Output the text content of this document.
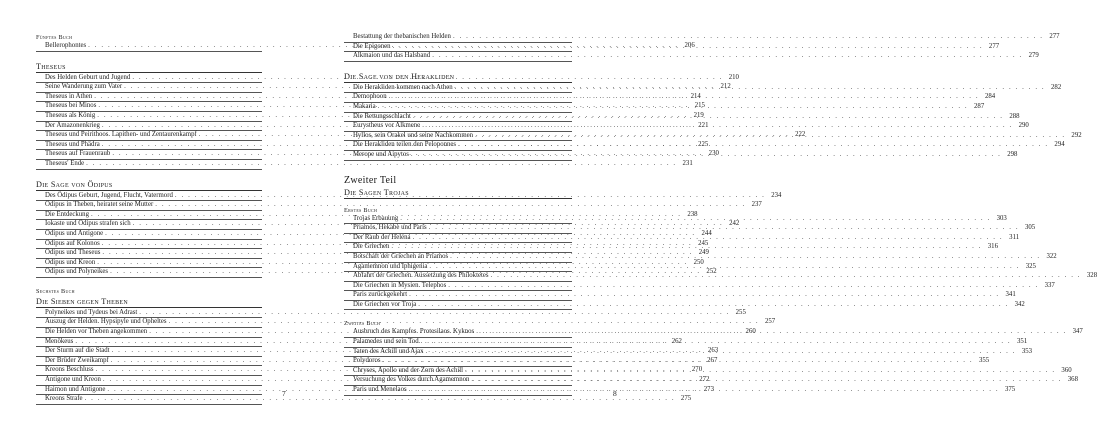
Fünftes Buch
Bellerophontes . . .	206
Theseus
Des Helden Geburt und Jugend . . .	210
Seine Wanderung zum Vater . . .	212
Theseus in Athen . . .	214
Theseus bei Minos . . .	215
Theseus als König . . .	219
Der Amazonenkrieg . . .	221
Theseus und Peirithoos. Lapithen- und Zentaurenkampf . . .	222
Theseus und Phädra . . .	225
Theseus auf Frauenraub . . .	230
Theseus' Ende . . .	231
Die Sage von Ödipus
Des Ödipus Geburt, Jugend, Flucht, Vatermord . . .	234
Ödipus in Theben, heiratet seine Mutter . . .	237
Die Entdeckung . . .	238
Iokaste und Ödipus strafen sich . . .	242
Ödipus und Antigone . . .	244
Ödipus auf Kolonos . . .	245
Ödipus und Theseus . . .	249
Ödipus und Kreon . . .	250
Ödipus und Polyneikes . . .	252
Sechstes Buch
Die Sieben gegen Theben
Polyneikes und Tydeus bei Adrast . . .	255
Auszug der Helden. Hypsipyle und Opheltes . . .	257
Die Helden vor Theben angekommen . . .	260
Menökeus . . .	262
Der Sturm auf die Stadt . . .	263
Der Brüder Zweikampf . . .	267
Kreons Beschluss . . .	270
Antigone und Kreon . . .	272
Haimon und Antigone . . .	273
Kreons Strafe . . .	275
7	8
Bestattung der thebanischen Helden . . .	277
Die Epigonen . . .	277
Alkmaion und das Halsband . . .	279
Die Sage von den Herakliden
Die Herakliden kommen nach Athen . . .	282
Demophoon . . .	284
Makaria . . .	287
Die Rettungsschlacht . . .	288
Eurystheus vor Alkmene . . .	290
Hyllos, sein Orakel und seine Nachkommen . . .	292
Die Herakliden teilen den Peloponnes . . .	294
Merope und Aipytos . . .	298
Zweiter Teil
Die Sagen Trojas
Erstes Buch
Trojas Erbauung . . .	303
Priamos, Hekabe und Paris . . .	305
Der Raub der Helena . . .	311
Die Griechen . . .	316
Botschaft der Griechen an Priamos . . .	322
Agamemnon und Iphigenia . . .	325
Abfahrt der Griechen. Aussetzung des Philoktetes . . .	328
Die Griechen in Mysien. Telephos . . .	337
Paris zurückgekehrt . . .	341
Die Griechen vor Troja . . .	342
Zweites Buch
Ausbruch des Kampfes. Protesilaos. Kyknos . . .	347
Palamedes und sein Tod . . .	351
Taten des Achill und Ajax . . .	353
Polydoros . . .	355
Chryses, Apollo und der Zorn des Achill . . .	360
Versuchung des Volkes durch Agamemnon . . .	368
Paris und Menelaos . . .	375
